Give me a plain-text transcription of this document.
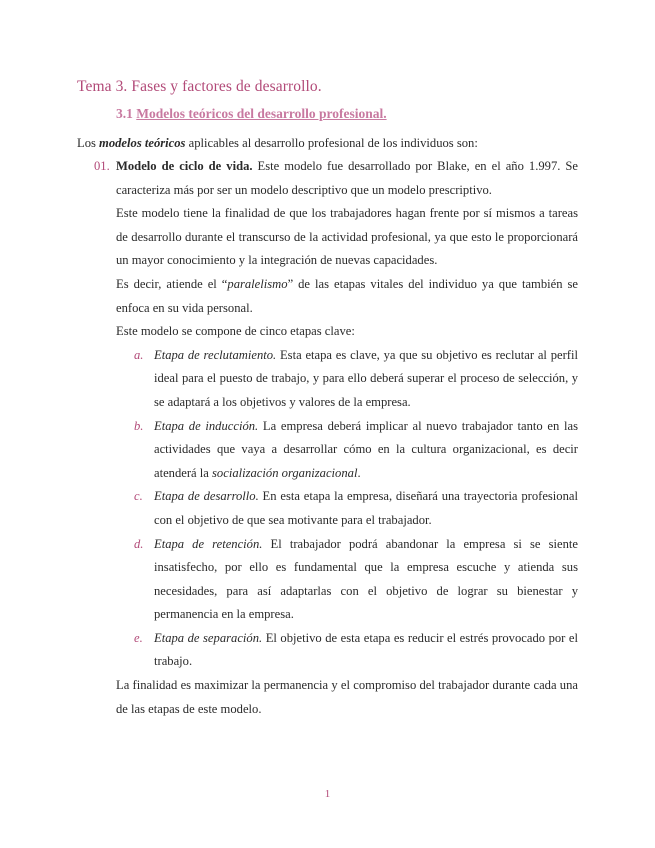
Tema 3. Fases y factores de desarrollo.
3.1 Modelos teóricos del desarrollo profesional.

Los modelos teóricos aplicables al desarrollo profesional de los individuos son:

01. Modelo de ciclo de vida. Este modelo fue desarrollado por Blake, en el año 1.997. Se caracteriza más por ser un modelo descriptivo que un modelo prescriptivo.

Este modelo tiene la finalidad de que los trabajadores hagan frente por sí mismos a tareas de desarrollo durante el transcurso de la actividad profesional, ya que esto le proporcionará un mayor conocimiento y la integración de nuevas capacidades.

Es decir, atiende el “paralelismo” de las etapas vitales del individuo ya que también se enfoca en su vida personal.

Este modelo se compone de cinco etapas clave:

a. Etapa de reclutamiento. Esta etapa es clave, ya que su objetivo es reclutar al perfil ideal para el puesto de trabajo, y para ello deberá superar el proceso de selección, y se adaptará a los objetivos y valores de la empresa.
b. Etapa de inducción. La empresa deberá implicar al nuevo trabajador tanto en las actividades que vaya a desarrollar cómo en la cultura organizacional, es decir atenderá la socialización organizacional.
c. Etapa de desarrollo. En esta etapa la empresa, diseñará una trayectoria profesional con el objetivo de que sea motivante para el trabajador.
d. Etapa de retención. El trabajador podrá abandonar la empresa si se siente insatisfecho, por ello es fundamental que la empresa escuche y atienda sus necesidades, para así adaptarlas con el objetivo de lograr su bienestar y permanencia en la empresa.
e. Etapa de separación. El objetivo de esta etapa es reducir el estrés provocado por el trabajo.

La finalidad es maximizar la permanencia y el compromiso del trabajador durante cada una de las etapas de este modelo.

1
